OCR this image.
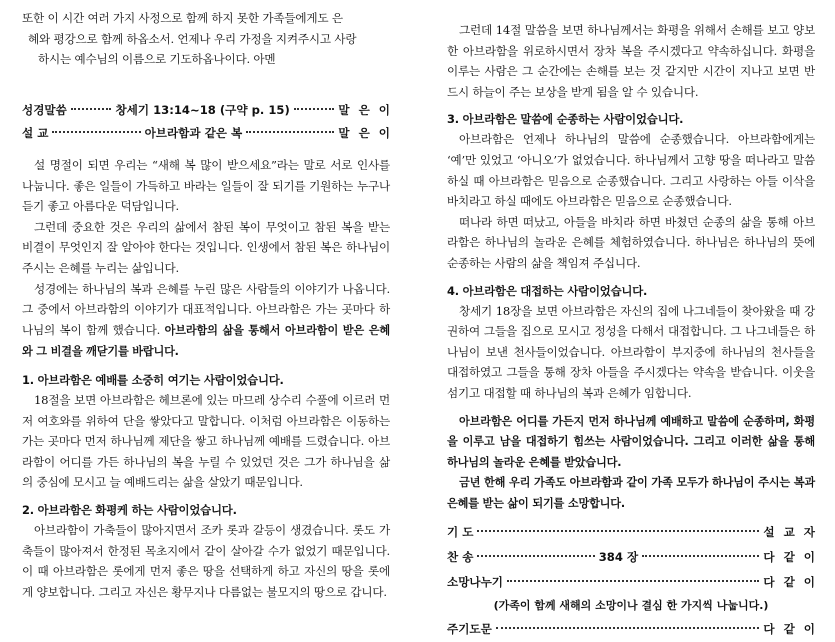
또한 이 시간 여러 가지 사정으로 함께 하지 못한 가족들에게도 은

혜와 평강으로 함께 하옵소서. 언제나 우리 가정을 지켜주시고 사랑

하시는 예수님의 이름으로 기도하옵나이다. 아멘

성경말씀	창세기 13:14~18 (구약 p. 15)	말은이
설 교	아브라함과 같은 복	말은이

설 명절이 되면 우리는 “새해 복 많이 받으세요”라는 말로 서로 인사를 나눕니다. 좋은 일들이 가득하고 바라는 일들이 잘 되기를 기원하는 누구나 듣기 좋고 아름다운 덕담입니다.

그런데 중요한 것은 우리의 삶에서 참된 복이 무엇이고 참된 복을 받는 비결이 무엇인지 잘 알아야 한다는 것입니다. 인생에서 참된 복은 하나님이 주시는 은혜를 누리는 삶입니다.

성경에는 하나님의 복과 은혜를 누린 많은 사람들의 이야기가 나옵니다. 그 중에서 아브라함의 이야기가 대표적입니다. 아브라함은 가는 곳마다 하나님의 복이 함께 했습니다. 아브라함의 삶을 통해서 아브라함이 받은 은혜와 그 비결을 깨닫기를 바랍니다.

1. 아브라함은 예배를 소중히 여기는 사람이었습니다.

18절을 보면 아브라함은 헤브론에 있는 마므레 상수리 수풀에 이르러 먼저 여호와를 위하여 단을 쌓았다고 말합니다. 이처럼 아브라함은 이동하는 가는 곳마다 먼저 하나님께 제단을 쌓고 하나님께 예배를 드렸습니다. 아브라함이 어디를 가든 하나님의 복을 누릴 수 있었던 것은 그가 하나님을 삶의 중심에 모시고 늘 예배드리는 삶을 살았기 때문입니다.

2. 아브라함은 화평케 하는 사람이었습니다.

아브라함이 가축들이 많아지면서 조카 롯과 갈등이 생겼습니다. 롯도 가축들이 많아져서 한정된 목초지에서 같이 살아갈 수가 없었기 때문입니다. 이 때 아브라함은 롯에게 먼저 좋은 땅을 선택하게 하고 자신의 땅을 롯에게 양보합니다. 그리고 자신은 황무지나 다름없는 불모지의 땅으로 갑니다.

그런데 14절 말씀을 보면 하나님께서는 화평을 위해서 손해를 보고 양보한 아브라함을 위로하시면서 장차 복을 주시겠다고 약속하십니다. 화평을 이루는 사람은 그 순간에는 손해를 보는 것 같지만 시간이 지나고 보면 반드시 하늘이 주는 보상을 받게 됨을 알 수 있습니다.

3. 아브라함은 말씀에 순종하는 사람이었습니다.

아브라함은 언제나 하나님의 말씀에 순종했습니다. 아브라함에게는 ‘예’만 있었고 ‘아니오’가 없었습니다. 하나님께서 고향 땅을 떠나라고 말씀하실 때 아브라함은 믿음으로 순종했습니다. 그리고 사랑하는 아들 이삭을 바치라고 하실 때에도 아브라함은 믿음으로 순종했습니다.

떠나라 하면 떠났고, 아들을 바치라 하면 바쳤던 순종의 삶을 통해 아브라함은 하나님의 놀라운 은혜를 체험하였습니다. 하나님은 하나님의 뜻에 순종하는 사람의 삶을 책임져 주십니다.

4. 아브라함은 대접하는 사람이었습니다.

창세기 18장을 보면 아브라함은 자신의 집에 나그네들이 찾아왔을 때 강권하여 그들을 집으로 모시고 정성을 다해서 대접합니다. 그 나그네들은 하나님이 보낸 천사들이었습니다. 아브라함이 부지중에 하나님의 천사들을 대접하였고 그들을 통해 장차 아들을 주시겠다는 약속을 받습니다. 이웃을 섬기고 대접할 때 하나님의 복과 은혜가 임합니다.

아브라함은 어디를 가든지 먼저 하나님께 예배하고 말씀에 순종하며, 화평을 이루고 남을 대접하기 힘쓰는 사람이었습니다. 그리고 이러한 삶을 통해 하나님의 놀라운 은혜를 받았습니다.

금년 한해 우리 가족도 아브라함과 같이 가족 모두가 하나님이 주시는 복과 은혜를 받는 삶이 되기를 소망합니다.

기 도	설교자
찬 송	384 장	다같이
소망나누기	다같이
(가족이 함께 새해의 소망이나 결심 한 가지씩 나눕니다.)
주기도문	다같이
